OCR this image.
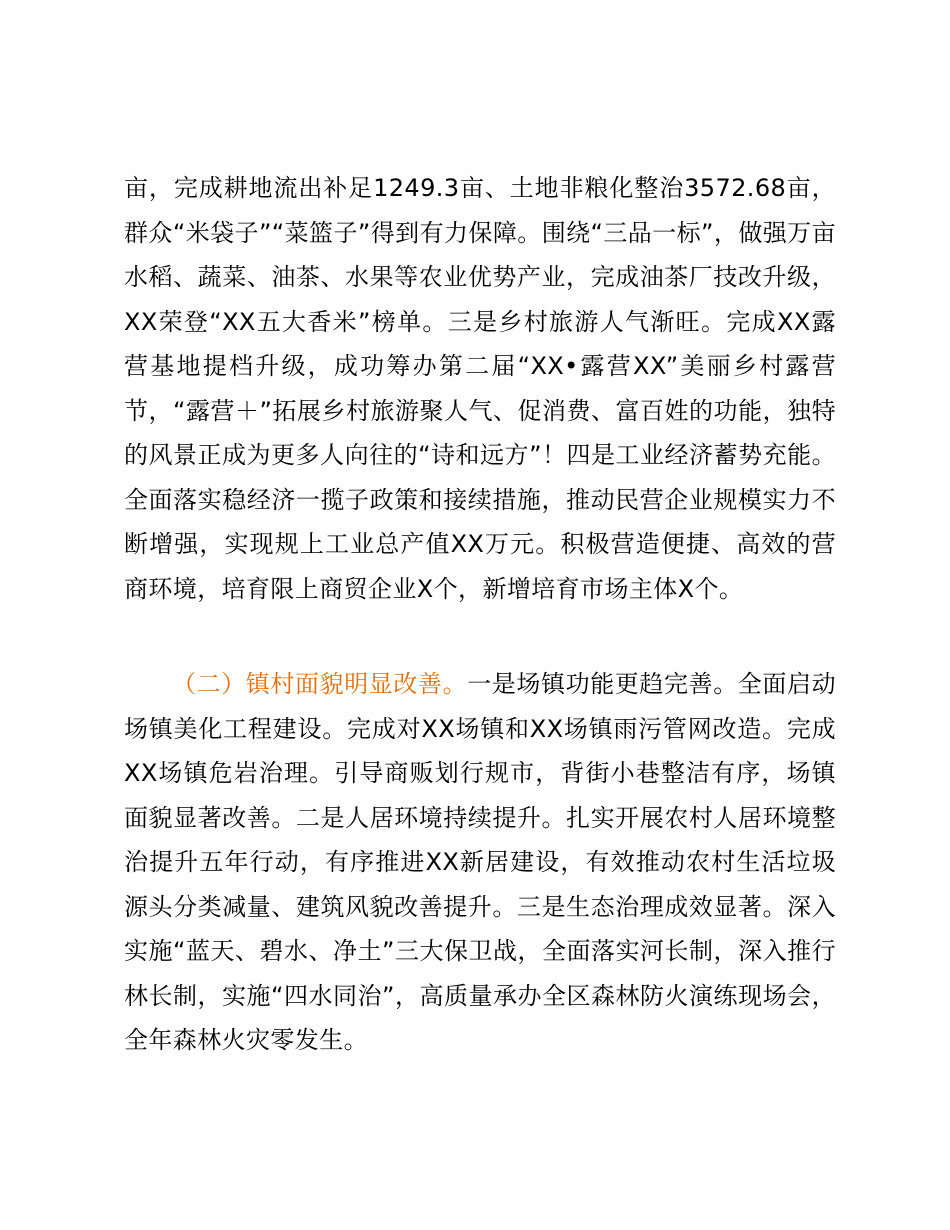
亩，完成耕地流出补足1249.3亩、土地非粮化整治3572.68亩，群众“米袋子”“菜篮子”得到有力保障。围绕“三品一标”，做强万亩水稻、蔬菜、油茶、水果等农业优势产业，完成油茶厂技改升级，XX荣登“XX五大香米”榜单。三是乡村旅游人气渐旺。完成XX露营基地提档升级，成功筹办第二届“XX•露营XX”美丽乡村露营节，“露营＋”拓展乡村旅游聚人气、促消费、富百姓的功能，独特的风景正成为更多人向往的“诗和远方”！四是工业经济蓄势充能。全面落实稳经济一揽子政策和接续措施，推动民营企业规模实力不断增强，实现规上工业总产值XX万元。积极营造便捷、高效的营商环境，培育限上商贸企业X个，新增培育市场主体X个。

（二）镇村面貌明显改善。一是场镇功能更趋完善。全面启动场镇美化工程建设。完成对XX场镇和XX场镇雨污管网改造。完成XX场镇危岩治理。引导商贩划行规市，背街小巷整洁有序，场镇面貌显著改善。二是人居环境持续提升。扎实开展农村人居环境整治提升五年行动，有序推进XX新居建设，有效推动农村生活垃圾源头分类减量、建筑风貌改善提升。三是生态治理成效显著。深入实施“蓝天、碧水、净土”三大保卫战，全面落实河长制，深入推行林长制，实施“四水同治”，高质量承办全区森林防火演练现场会，全年森林火灾零发生。
